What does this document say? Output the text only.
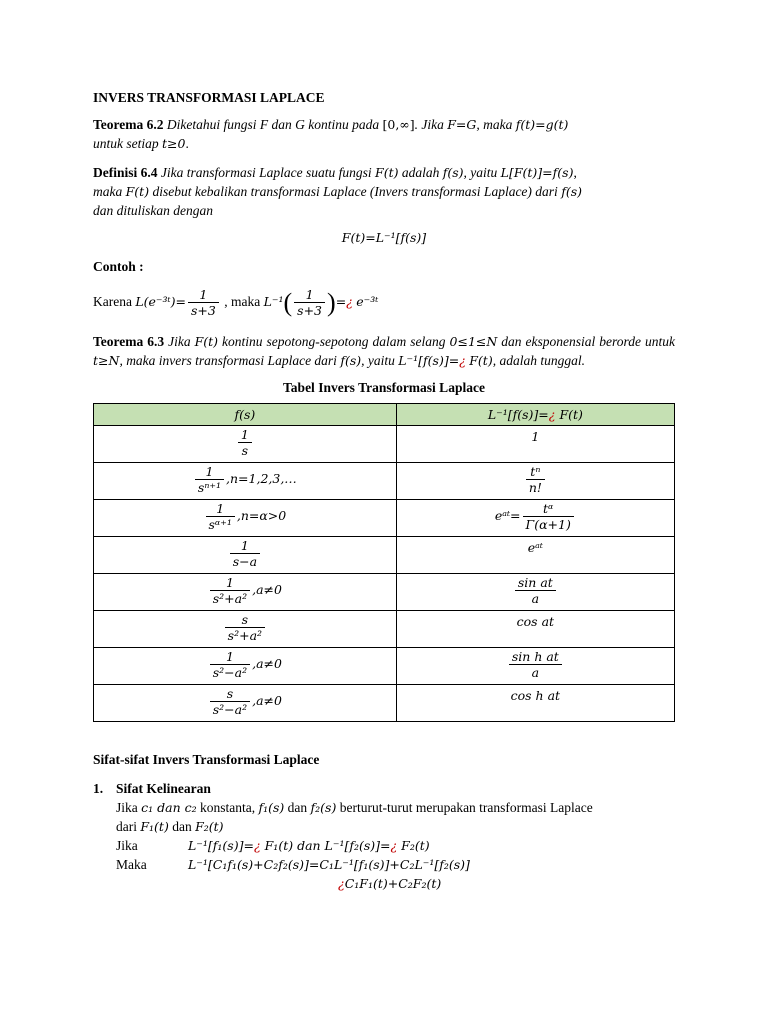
INVERS TRANSFORMASI LAPLACE

Teorema 6.2 Diketahui fungsi F dan G kontinu pada [0,∞]. Jika F=G, maka f(t)=g(t)
untuk setiap t≥0.

Definisi 6.4 Jika transformasi Laplace suatu fungsi F(t) adalah f(s), yaitu L[F(t)]=f(s),
maka F(t) disebut kebalikan transformasi Laplace (Invers transformasi Laplace) dari f(s)
dan dituliskan dengan

F(t)=L⁻¹[f(s)]

Contoh :

Karena L(e⁻³ᵗ)= $\frac{1}{s+3}$ , maka $L^{-1}( \frac{1}{s+3}$ )=¿ e⁻³ᵗ

Teorema 6.3 Jika F(t) kontinu sepotong-sepotong dalam selang 0≤1≤N dan eksponensial berorde untuk t≥N, maka invers transformasi Laplace dari f(s), yaitu L⁻¹[f(s)]=¿ F(t), adalah tunggal.

Tabel Invers Transformasi Laplace
f(s)	L⁻¹[f(s)]=¿ F(t)

$\frac{1}{s}$	1

$\frac{1}{\text{sⁿ⁺¹}}$ ,n=1,2,3,…	$\frac{\text{tⁿ}}{n!}$

$\frac{1}{\text{sᵅ⁺¹}} ,n=\alpha>0$	eᵃᵗ= $\frac{\text{tᵅ}}{\Gamma(\alpha+1)}$

$\frac{1}{s-a}$	eᵃᵗ

$\frac{1}{\text{s²+a²}} ,a\ne 0$	$\frac{\text{sin at}}{a}$

$\frac{s}{\text{s²+a²}}$	cos at

$\frac{1}{\text{s²−a²}} ,a\ne 0$	$\frac{\text{sin h at}}{a}$

$\frac{s}{\text{s²−a²}} ,a\ne 0$	cos h at
Sifat-sifat Invers Transformasi Laplace
1. Sifat Kelinearan
Jika c₁ dan c₂ konstanta, f₁(s) dan f₂(s) berturut-turut merupakan transformasi Laplace
dari F₁(t) dan F₂(t)
Jika	L⁻¹[f₁(s)]=¿ F₁(t) dan L⁻¹[f₂(s)]=¿ F₂(t)
Maka	L⁻¹[C₁f₁(s)+C₂f₂(s)]=C₁L⁻¹[f₁(s)]+C₂L⁻¹[f₂(s)]
¿C₁F₁(t)+C₂F₂(t)
